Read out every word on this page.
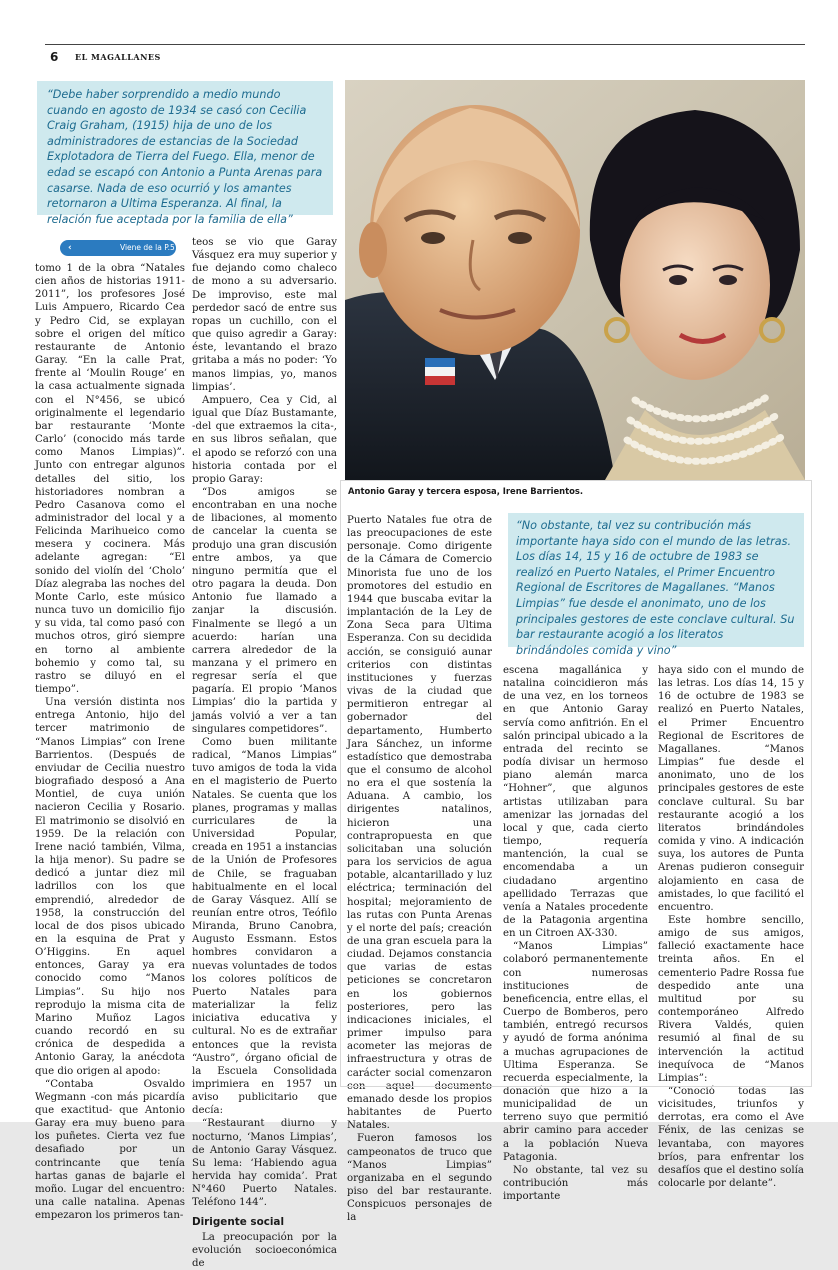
6 EL MAGALLANES
“Debe haber sorprendido a medio mundo cuando en agosto de 1934 se casó con Cecilia Craig Graham, (1915) hija de uno de los administradores de estancias de la Sociedad Explotadora de Tierra del Fuego. Ella, menor de edad se escapó con Antonio a Punta Arenas para casarse. Nada de eso ocurrió y los amantes retornaron a Ultima Esperanza. Al final, la relación fue aceptada por la familia de ella”
Antonio Garay y tercera esposa, Irene Barrientos.
‹	Viene de la P.5

tomo 1 de la obra “Natales cien años de historias 1911-2011”, los profesores José Luis Ampuero, Ricardo Cea y Pedro Cid, se explayan sobre el origen del mítico restaurante de Antonio Garay. “En la calle Prat, frente al ‘Moulin Rouge’ en la casa actualmente signada con el N°456, se ubicó originalmente el legendario bar restaurante ‘Monte Carlo’ (conocido más tarde como Manos Limpias)”. Junto con entregar algunos detalles del sitio, los historiadores nombran a Pedro Casanova como el administrador del local y a Felicinda Marihueico como mesera y cocinera. Más adelante agregan: “El sonido del violín del ‘Cholo’ Díaz alegraba las noches del Monte Carlo, este músico nunca tuvo un domicilio fijo y su vida, tal como pasó con muchos otros, giró siempre en torno al ambiente bohemio y como tal, su rastro se diluyó en el tiempo”.

Una versión distinta nos entrega Antonio, hijo del tercer matrimonio de “Manos Limpias” con Irene Barrientos. (Después de enviudar de Cecilia nuestro biografiado desposó a Ana Montiel, de cuya unión nacieron Cecilia y Rosario. El matrimonio se disolvió en 1959. De la relación con Irene nació también, Vilma, la hija menor). Su padre se dedicó a juntar diez mil ladrillos con los que emprendió, alrededor de 1958, la construcción del local de dos pisos ubicado en la esquina de Prat y O’Higgins. En aquel entonces, Garay ya era conocido como “Manos Limpias”. Su hijo nos reprodujo la misma cita de Marino Muñoz Lagos cuando recordó en su crónica de despedida a Antonio Garay, la anécdota que dio origen al apodo:

“Contaba Osvaldo Wegmann -con más picardía que exactitud- que Antonio Garay era muy bueno para los puñetes. Cierta vez fue desafiado por un contrincante que tenía hartas ganas de bajarle el moño. Lugar del encuentro: una calle natalina. Apenas empezaron los primeros tan-

teos se vio que Garay Vásquez era muy superior y fue dejando como chaleco de mono a su adversario. De improviso, este mal perdedor sacó de entre sus ropas un cuchillo, con el que quiso agredir a Garay: éste, levantando el brazo gritaba a más no poder: ‘Yo manos limpias, yo, manos limpias’.

Ampuero, Cea y Cid, al igual que Díaz Bustamante, -del que extraemos la cita-, en sus libros señalan, que el apodo se reforzó con una historia contada por el propio Garay:

“Dos amigos se encontraban en una noche de libaciones, al momento de cancelar la cuenta se produjo una gran discusión entre ambos, ya que ninguno permitía que el otro pagara la deuda. Don Antonio fue llamado a zanjar la discusión. Finalmente se llegó a un acuerdo: harían una carrera alrededor de la manzana y el primero en regresar sería el que pagaría. El propio ‘Manos Limpias’ dio la partida y jamás volvió a ver a tan singulares competidores”.

Como buen militante radical, “Manos Limpias” tuvo amigos de toda la vida en el magisterio de Puerto Natales. Se cuenta que los planes, programas y mallas curriculares de la Universidad Popular, creada en 1951 a instancias de la Unión de Profesores de Chile, se fraguaban habitualmente en el local de Garay Vásquez. Allí se reunían entre otros, Teófilo Miranda, Bruno Canobra, Augusto Essmann. Estos hombres convidaron a nuevas voluntades de todos los colores políticos de Puerto Natales para materializar la feliz iniciativa educativa y cultural. No es de extrañar entonces que la revista “Austro”, órgano oficial de la Escuela Consolidada imprimiera en 1957 un aviso publicitario que decía:

“Restaurant diurno y nocturno, ‘Manos Limpias’, de Antonio Garay Vásquez. Su lema: ‘Habiendo agua hervida hay comida’. Prat N°460 Puerto Natales. Teléfono 144”.

Dirigente social

La preocupación por la evolución socioeconómica de

Puerto Natales fue otra de las preocupaciones de este personaje. Como dirigente de la Cámara de Comercio Minorista fue uno de los promotores del estudio en 1944 que buscaba evitar la implantación de la Ley de Zona Seca para Ultima Esperanza. Con su decidida acción, se consiguió aunar criterios con distintas instituciones y fuerzas vivas de la ciudad que permitieron entregar al gobernador del departamento, Humberto Jara Sánchez, un informe estadístico que demostraba que el consumo de alcohol no era el que sostenía la Aduana. A cambio, los dirigentes natalinos, hicieron una contrapropuesta en que solicitaban una solución para los servicios de agua potable, alcantarillado y luz eléctrica; terminación del hospital; mejoramiento de las rutas con Punta Arenas y el norte del país; creación de una gran escuela para la ciudad. Dejamos constancia que varias de estas peticiones se concretaron en los gobiernos posteriores, pero las indicaciones iniciales, el primer impulso para acometer las mejoras de infraestructura y otras de carácter social comenzaron con aquel documento emanado desde los propios habitantes de Puerto Natales.

Fueron famosos los campeonatos de truco que “Manos Limpias” organizaba en el segundo piso del bar restaurante. Conspicuos personajes de la

“No obstante, tal vez su contribución más importante haya sido con el mundo de las letras. Los días 14, 15 y 16 de octubre de 1983 se realizó en Puerto Natales, el Primer Encuentro Regional de Escritores de Magallanes. “Manos Limpias” fue desde el anonimato, uno de los principales gestores de este conclave cultural. Su bar restaurante acogió a los literatos brindándoles comida y vino”

escena magallánica y natalina coincidieron más de una vez, en los torneos en que Antonio Garay servía como anfitrión. En el salón principal ubicado a la entrada del recinto se podía divisar un hermoso piano alemán marca “Hohner”, que algunos artistas utilizaban para amenizar las jornadas del local y que, cada cierto tiempo, requería mantención, la cual se encomendaba a un ciudadano argentino apellidado Terrazas que venía a Natales procedente de la Patagonia argentina en un Citroen AX-330.

“Manos Limpias” colaboró permanentemente con numerosas instituciones de beneficencia, entre ellas, el Cuerpo de Bomberos, pero también, entregó recursos y ayudó de forma anónima a muchas agrupaciones de Ultima Esperanza. Se recuerda especialmente, la donación que hizo a la municipalidad de un terreno suyo que permitió abrir camino para acceder a la población Nueva Patagonia.

No obstante, tal vez su contribución más importante

haya sido con el mundo de las letras. Los días 14, 15 y 16 de octubre de 1983 se realizó en Puerto Natales, el Primer Encuentro Regional de Escritores de Magallanes. “Manos Limpias” fue desde el anonimato, uno de los principales gestores de este conclave cultural. Su bar restaurante acogió a los literatos brindándoles comida y vino. A indicación suya, los autores de Punta Arenas pudieron conseguir alojamiento en casa de amistades, lo que facilitó el encuentro.

Este hombre sencillo, amigo de sus amigos, falleció exactamente hace treinta años. En el cementerio Padre Rossa fue despedido ante una multitud por su contemporáneo Alfredo Rivera Valdés, quien resumió al final de su intervención la actitud inequívoca de “Manos Limpias”:

“Conoció todas las vicisitudes, triunfos y derrotas, era como el Ave Fénix, de las cenizas se levantaba, con mayores bríos, para enfrentar los desafíos que el destino solía colocarle por delante”.
